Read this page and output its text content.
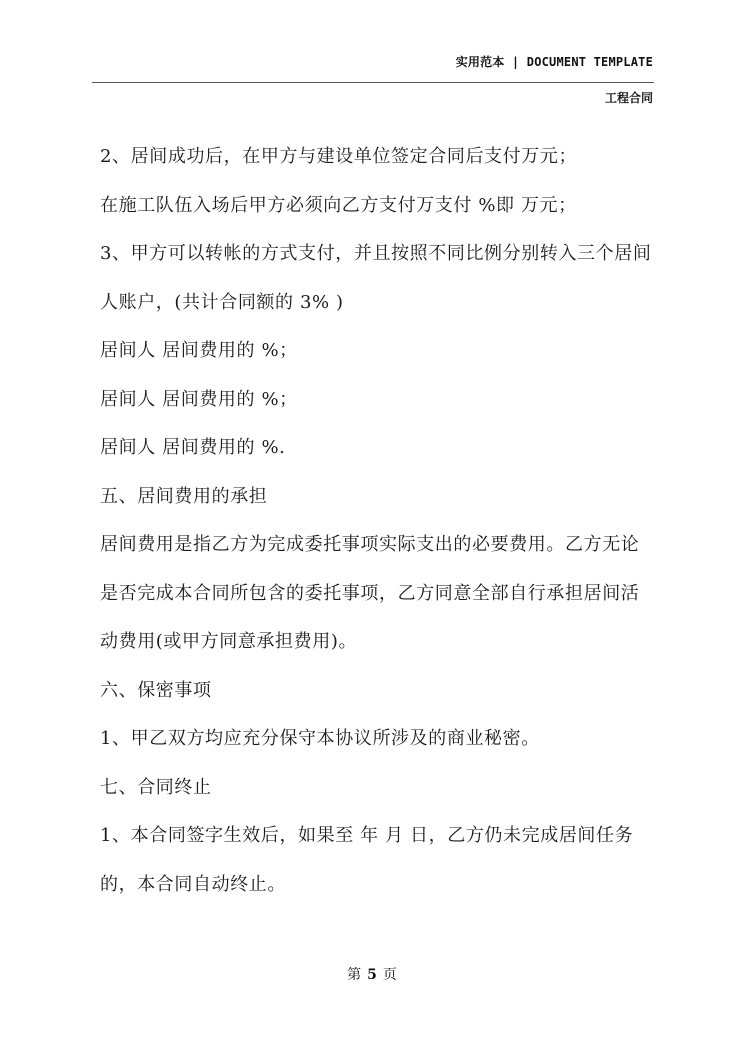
实用范本 | DOCUMENT TEMPLATE
工程合同
2、居间成功后，在甲方与建设单位签定合同后支付万元；
在施工队伍入场后甲方必须向乙方支付万支付 %即 万元；
3、甲方可以转帐的方式支付，并且按照不同比例分别转入三个居间
人账户，(共计合同额的 3% )
居间人 居间费用的 %；
居间人 居间费用的 %；
居间人 居间费用的 %.
五、居间费用的承担
居间费用是指乙方为完成委托事项实际支出的必要费用。乙方无论
是否完成本合同所包含的委托事项，乙方同意全部自行承担居间活
动费用(或甲方同意承担费用)。
六、保密事项
1、甲乙双方均应充分保守本协议所涉及的商业秘密。
七、合同终止
1、本合同签字生效后，如果至 年 月 日，乙方仍未完成居间任务
的，本合同自动终止。
第 5 页
